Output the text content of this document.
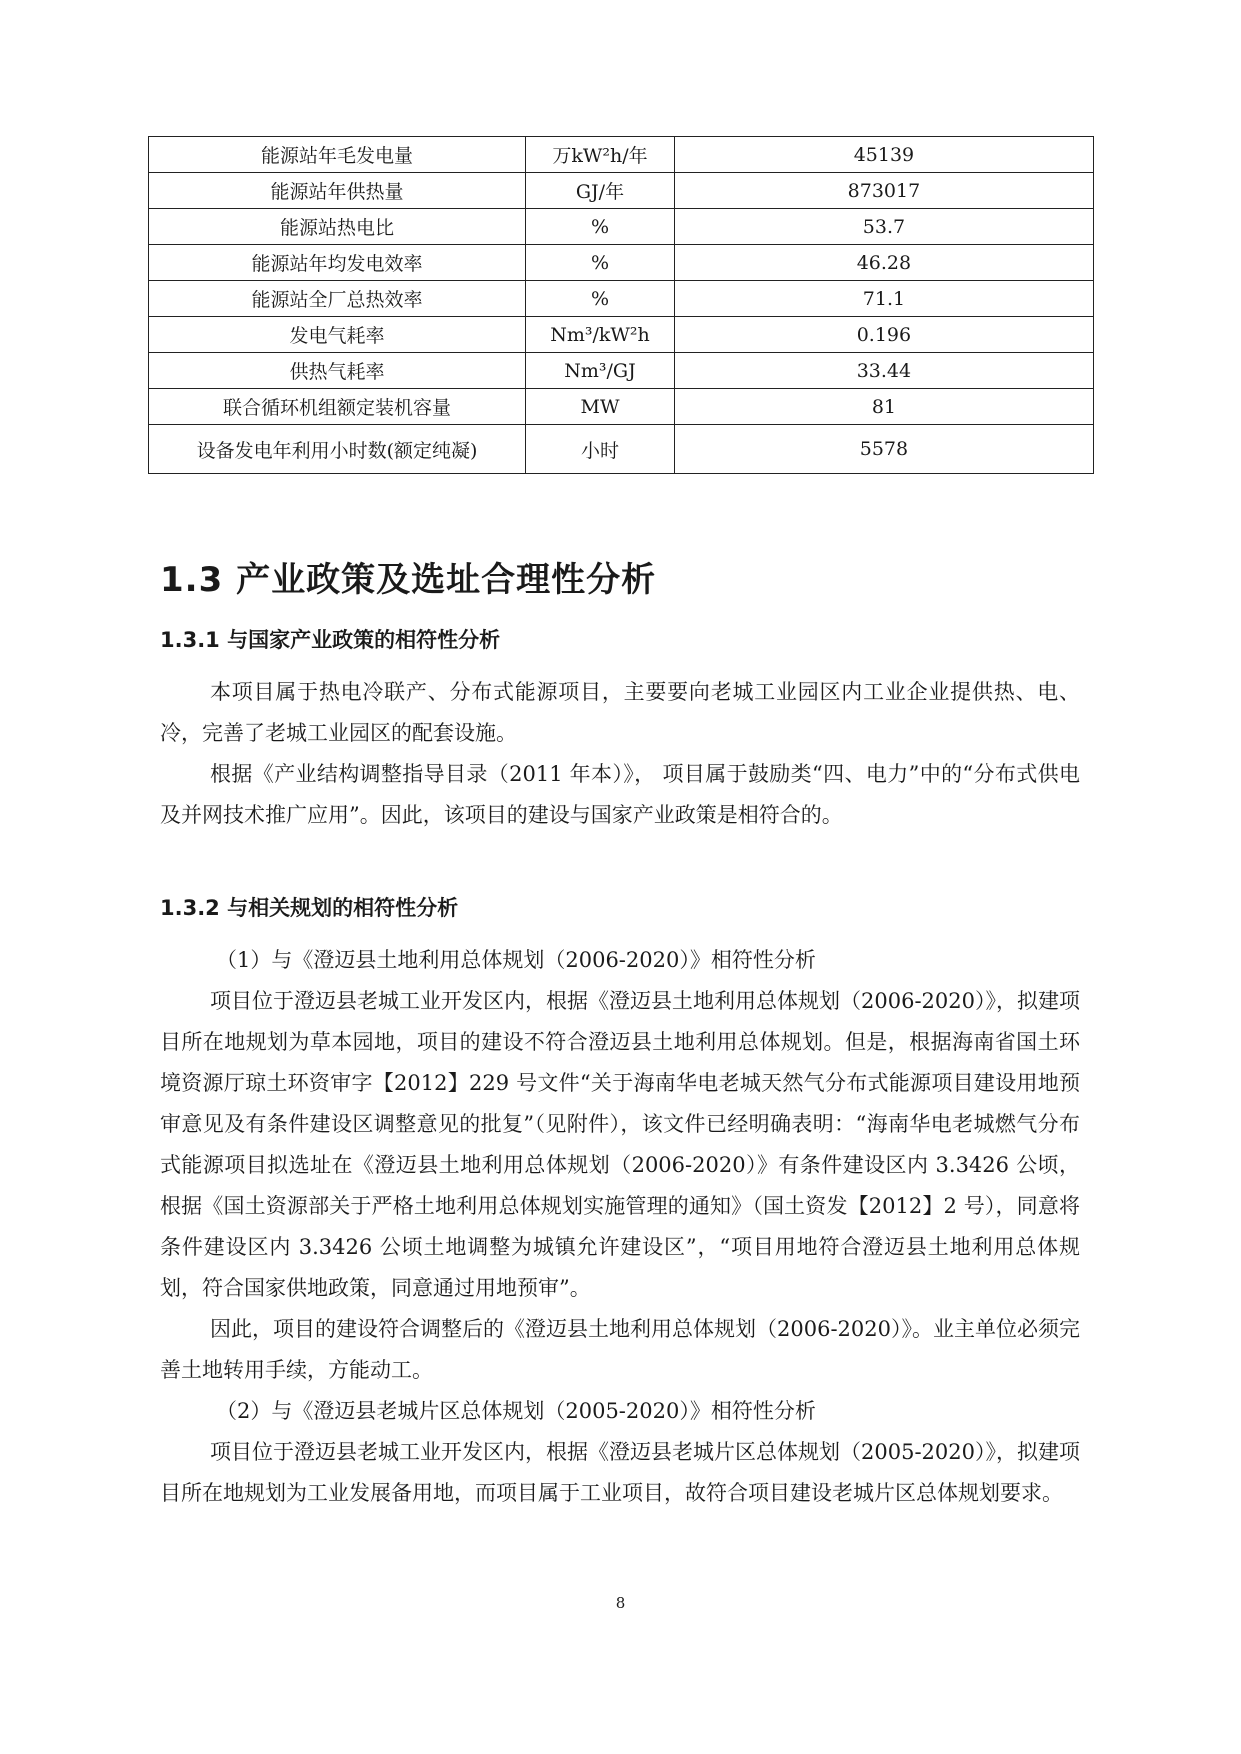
能源站年毛发电量	万kW²h/年	45139
能源站年供热量	GJ/年	873017
能源站热电比	%	53.7
能源站年均发电效率	%	46.28
能源站全厂总热效率	%	71.1
发电气耗率	Nm³/kW²h	0.196
供热气耗率	Nm³/GJ	33.44
联合循环机组额定装机容量	MW	81
设备发电年利用小时数(额定纯凝)	小时	5578
1.3 产业政策及选址合理性分析
1.3.1 与国家产业政策的相符性分析

本项目属于热电冷联产、分布式能源项目，主要要向老城工业园区内工业企业提供热、电、冷，完善了老城工业园区的配套设施。

根据《产业结构调整指导目录（2011 年本）》， 项目属于鼓励类“四、电力”中的“分布式供电及并网技术推广应用”。因此，该项目的建设与国家产业政策是相符合的。

1.3.2 与相关规划的相符性分析

（1）与《澄迈县土地利用总体规划（2006-2020）》相符性分析

项目位于澄迈县老城工业开发区内，根据《澄迈县土地利用总体规划（2006-2020）》，拟建项目所在地规划为草本园地，项目的建设不符合澄迈县土地利用总体规划。但是，根据海南省国土环境资源厅琼土环资审字【2012】229 号文件“关于海南华电老城天然气分布式能源项目建设用地预审意见及有条件建设区调整意见的批复”（见附件），该文件已经明确表明：“海南华电老城燃气分布式能源项目拟选址在《澄迈县土地利用总体规划（2006-2020）》有条件建设区内 3.3426 公顷，根据《国土资源部关于严格土地利用总体规划实施管理的通知》（国土资发【2012】2 号），同意将条件建设区内 3.3426 公顷土地调整为城镇允许建设区”，“项目用地符合澄迈县土地利用总体规划，符合国家供地政策，同意通过用地预审”。

因此，项目的建设符合调整后的《澄迈县土地利用总体规划（2006-2020）》。业主单位必须完善土地转用手续，方能动工。

（2）与《澄迈县老城片区总体规划（2005-2020）》相符性分析

项目位于澄迈县老城工业开发区内，根据《澄迈县老城片区总体规划（2005-2020）》，拟建项目所在地规划为工业发展备用地，而项目属于工业项目，故符合项目建设老城片区总体规划要求。

8
